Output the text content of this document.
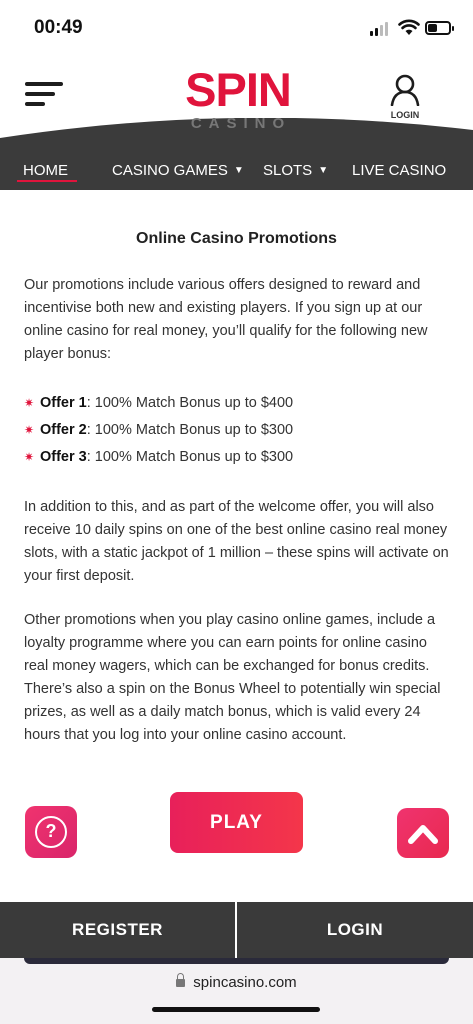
00:49
SPIN
CASINO	LOGIN
HOME	CASINO GAMES ▼ SLOTS ▼ LIVE CASINO
Online Casino Promotions

Our promotions include various offers designed to reward and incentivise both new and existing players. If you sign up at our online casino for real money, you’ll qualify for the following new player bonus:

✷ Offer 1: 100% Match Bonus up to $400
✷ Offer 2: 100% Match Bonus up to $300
✷ Offer 3: 100% Match Bonus up to $300

In addition to this, and as part of the welcome offer, you will also receive 10 daily spins on one of the best online casino real money slots, with a static jackpot of 1 million – these spins will activate on your first deposit.

Other promotions when you play casino online games, include a loyalty programme where you can earn points for online casino real money wagers, which can be exchanged for bonus credits. There’s also a spin on the Bonus Wheel to potentially win special prizes, as well as a daily match bonus, which is valid every 24 hours that you log into your online casino account.

?	PLAY
REGISTER	LOGIN
spincasino.com
